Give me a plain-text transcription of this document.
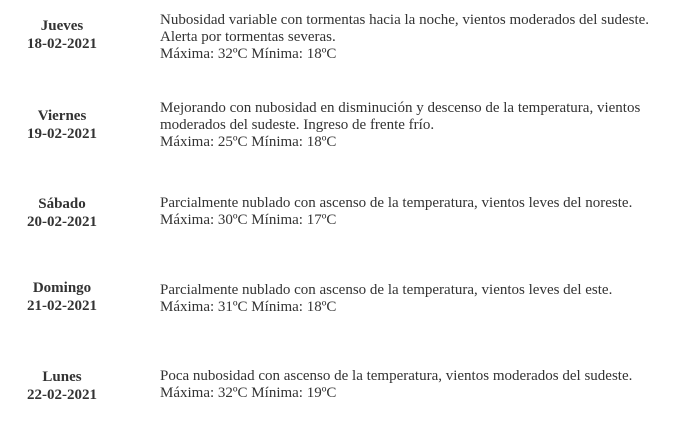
Jueves
18-02-2021
Nubosidad variable con tormentas hacia la noche, vientos moderados del sudeste.
Alerta por tormentas severas.
Máxima: 32ºC Mínima: 18ºC
Viernes
19-02-2021
Mejorando con nubosidad en disminución y descenso de la temperatura, vientos
moderados del sudeste. Ingreso de frente frío.
Máxima: 25ºC Mínima: 18ºC
Sábado
20-02-2021
Parcialmente nublado con ascenso de la temperatura, vientos leves del noreste.
Máxima: 30ºC Mínima: 17ºC
Domingo
21-02-2021
Parcialmente nublado con ascenso de la temperatura, vientos leves del este.
Máxima: 31ºC Mínima: 18ºC
Lunes
22-02-2021
Poca nubosidad con ascenso de la temperatura, vientos moderados del sudeste.
Máxima: 32ºC Mínima: 19ºC
